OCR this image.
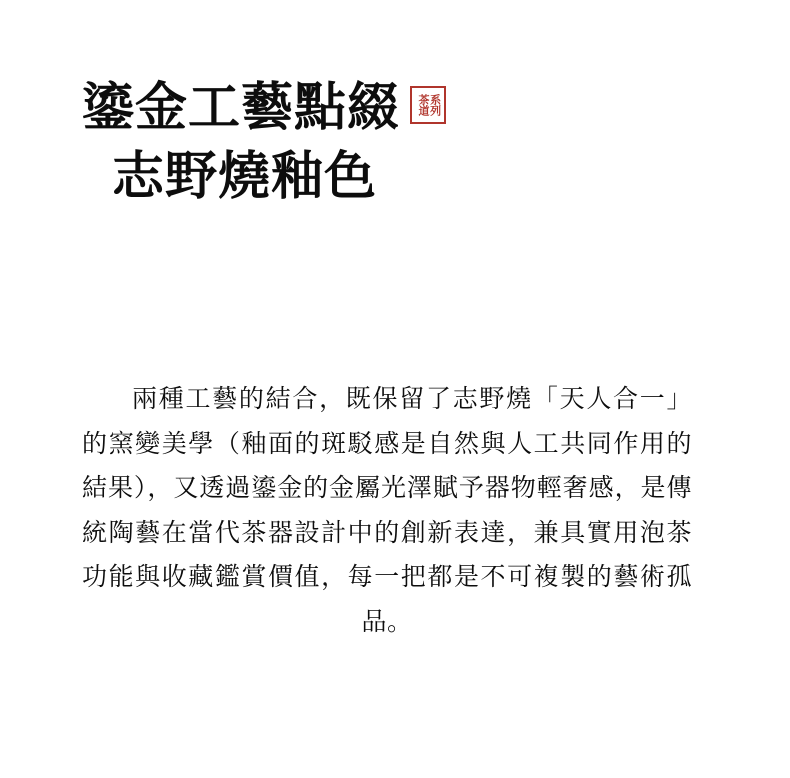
鎏金工藝點綴 茶道 系列
志野燒釉色

兩種工藝的結合，既保留了志野燒「天人合一」的窯變美學（釉面的斑駁感是自然與人工共同作用的結果），又透過鎏金的金屬光澤賦予器物輕奢感，是傳統陶藝在當代茶器設計中的創新表達，兼具實用泡茶功能與收藏鑑賞價值，每一把都是不可複製的藝術孤品。
